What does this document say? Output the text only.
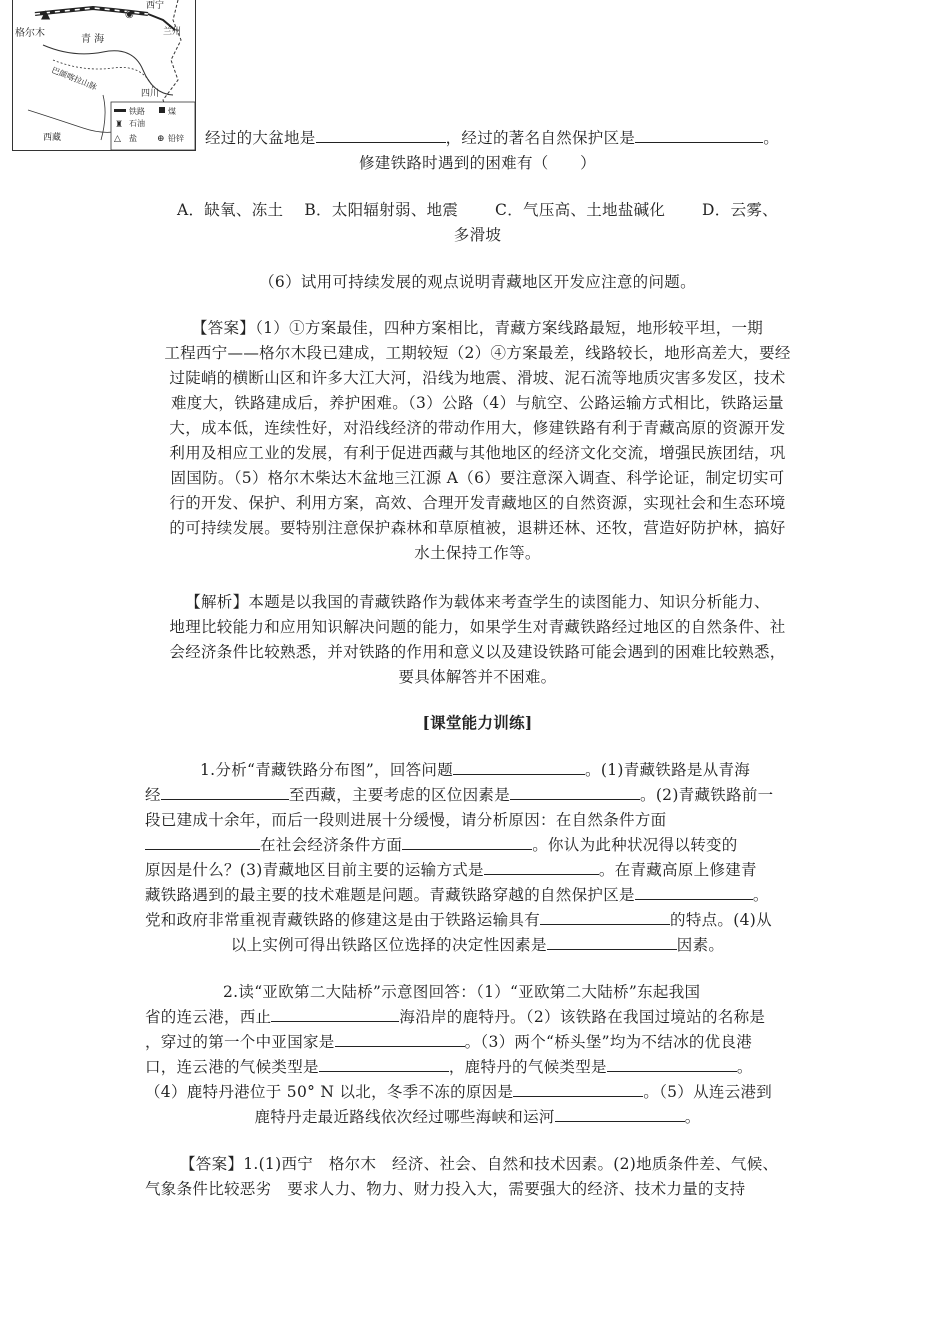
▲	◉
格尔木
西宁
兰州
青 海
巴颜喀拉山脉
四川
西藏
铁路	煤
♜ 石油
△ 盐 ⊕ 铅锌	经过的大盆地是	，经过的著名自然保护区是	。
修建铁路时遇到的困难有（　　）
A．缺氧、冻土　 B．太阳辐射弱、地震　　 C．气压高、土地盐碱化　　 D．云雾、
多滑坡
（6）试用可持续发展的观点说明青藏地区开发应注意的问题。
【答案】（1）①方案最佳，四种方案相比，青藏方案线路最短，地形较平坦，一期
工程西宁——格尔木段已建成，工期较短（2）④方案最差，线路较长，地形高差大，要经
过陡峭的横断山区和许多大江大河，沿线为地震、滑坡、泥石流等地质灾害多发区，技术
难度大，铁路建成后，养护困难。（3）公路（4）与航空、公路运输方式相比，铁路运量
大，成本低，连续性好，对沿线经济的带动作用大，修建铁路有利于青藏高原的资源开发
利用及相应工业的发展，有利于促进西藏与其他地区的经济文化交流，增强民族团结，巩
固国防。（5）格尔木柴达木盆地三江源 A（6）要注意深入调查、科学论证，制定切实可
行的开发、保护、利用方案，高效、合理开发青藏地区的自然资源，实现社会和生态环境
的可持续发展。要特别注意保护森林和草原植被，退耕还林、还牧，营造好防护林，搞好
水土保持工作等。
【解析】本题是以我国的青藏铁路作为载体来考查学生的读图能力、知识分析能力、
地理比较能力和应用知识解决问题的能力，如果学生对青藏铁路经过地区的自然条件、社
会经济条件比较熟悉，并对铁路的作用和意义以及建设铁路可能会遇到的困难比较熟悉，
要具体解答并不困难。
[课堂能力训练]
1.分析“青藏铁路分布图”，回答问题	。(1)青藏铁路是从青海
经	至西藏，主要考虑的区位因素是	。(2)青藏铁路前一
段已建成十余年，而后一段则进展十分缓慢，请分析原因：在自然条件方面
在社会经济条件方面	。你认为此种状况得以转变的
原因是什么？(3)青藏地区目前主要的运输方式是	。在青藏高原上修建青
藏铁路遇到的最主要的技术难题是问题。青藏铁路穿越的自然保护区是	。
党和政府非常重视青藏铁路的修建这是由于铁路运输具有	的特点。(4)从
以上实例可得出铁路区位选择的决定性因素是	因素。
2.读“亚欧第二大陆桥”示意图回答：（1）“亚欧第二大陆桥”东起我国
省的连云港，西止	海沿岸的鹿特丹。（2）该铁路在我国过境站的名称是
，穿过的第一个中亚国家是	。（3）两个“桥头堡”均为不结冰的优良港
口，连云港的气候类型是	，鹿特丹的气候类型是	。
（4）鹿特丹港位于 50° N 以北，冬季不冻的原因是	。（5）从连云港到
鹿特丹走最近路线依次经过哪些海峡和运河	。
【答案】1.(1)西宁　格尔木　经济、社会、自然和技术因素。(2)地质条件差、气候、
气象条件比较恶劣　要求人力、物力、财力投入大，需要强大的经济、技术力量的支持
